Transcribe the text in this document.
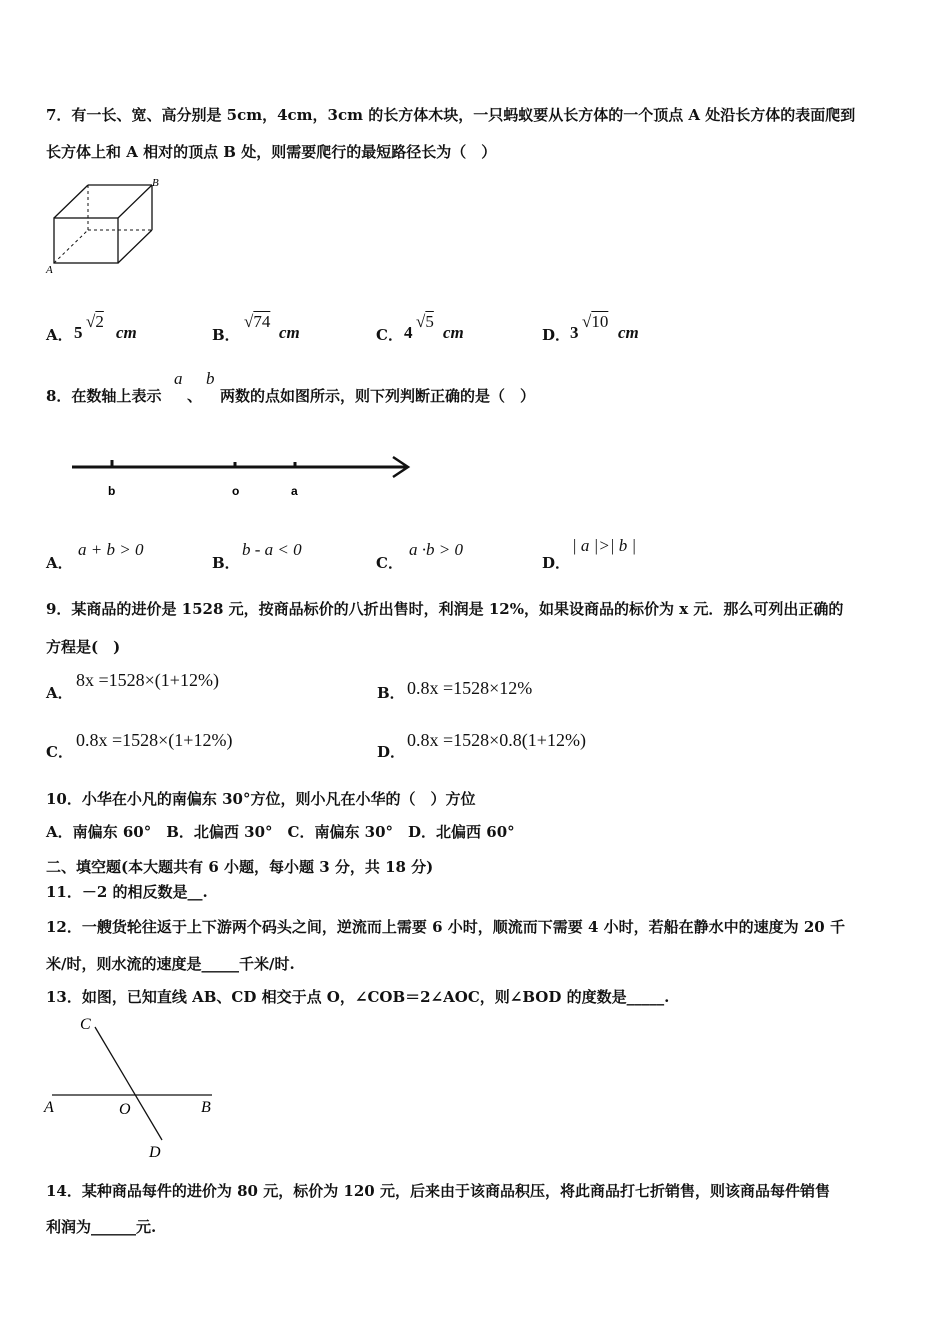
7．有一长、宽、高分别是 5cm，4cm，3cm 的长方体木块，一只蚂蚁要从长方体的一个顶点 A 处沿长方体的表面爬到
长方体上和 A 相对的顶点 B 处，则需要爬行的最短路径长为（　）
A
B
A． 5
√2
cm	B．
√74
cm	C． 4
√5
cm	D． 3
√10
cm
8．在数轴上表示
a
、
b
两数的点如图所示，则下列判断正确的是（　）
b	o	a
A．
a + b > 0
B．
b - a < 0
C．
a ·b > 0
D．
| a |>| b |
9．某商品的进价是 1528 元，按商品标价的八折出售时，利润是 12%，如果设商品的标价为 x 元．那么可列出正确的
方程是(　)
A．
8x =1528×(1+12%)
B． 0.8x =1528×12%
C．
0.8x =1528×(1+12%)
D．
0.8x =1528×0.8(1+12%)
10．小华在小凡的南偏东 30°方位，则小凡在小华的（　）方位
A．南偏东 60°　B．北偏西 30°　C．南偏东 30°　D．北偏西 60°
二、填空题(本大题共有 6 小题，每小题 3 分，共 18 分)
11．－2 的相反数是__.
12．一艘货轮往返于上下游两个码头之间，逆流而上需要 6 小时，顺流而下需要 4 小时，若船在静水中的速度为 20 千
米/时，则水流的速度是_____千米/时.
13．如图，已知直线 AB、CD 相交于点 O，∠COB＝2∠AOC，则∠BOD 的度数是_____.
C
A	O	B
D
14．某种商品每件的进价为 80 元，标价为 120 元，后来由于该商品积压，将此商品打七折销售，则该商品每件销售
利润为______元.
